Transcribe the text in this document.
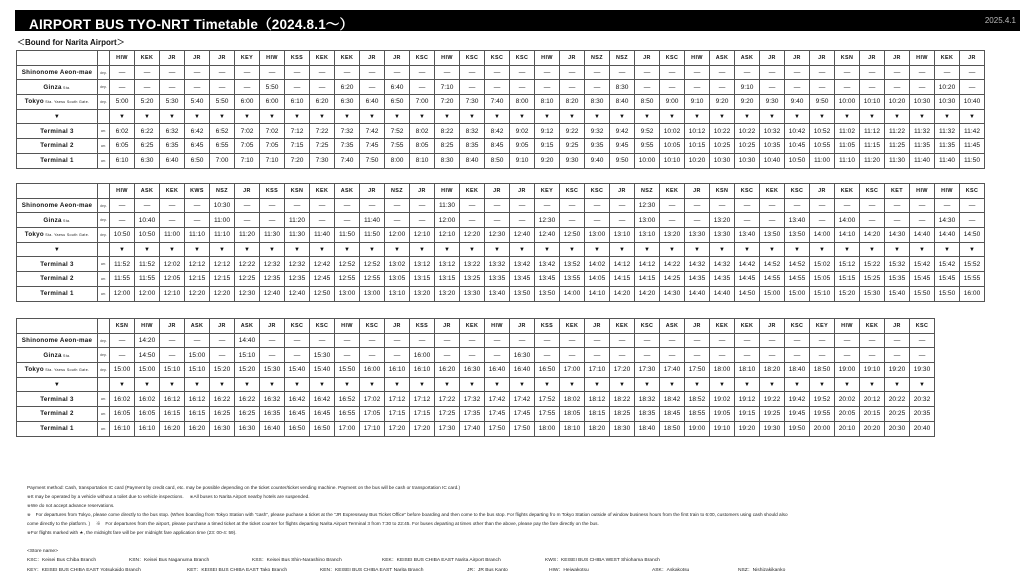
AIRPORT BUS TYO-NRT Timetable（2024.8.1～）	2025.4.1
＜Bound for Narita Airport＞
		HIW	KEK	JR	JR	JR	KEY	HIW	KSS	KEK	KEK	JR	JR	KSC	HIW	KSC	KSC	KSC	HIW	JR	NSZ	NSZ	JR	KSC	HIW	ASK	ASK	JR	JR	JR	KSN	JR	JR	HIW	KEK	JR
Shinonome Aeon-mae	dep.	—	—	—	—	—	—	—	—	—	—	—	—	—	—	—	—	—	—	—	—	—	—	—	—	—	—	—	—	—	—	—	—	—	—	—
Ginza Sta.	dep.	—	—	—	—	—	—	5:50	—	—	6:20	—	6:40	—	7:10	—	—	—	—	—	—	8:30	—	—	—	—	9:10	—	—	—	—	—	—	—	10:20	—
Tokyo Sta. Yaesu South Gate.	dep.	5:00	5:20	5:30	5:40	5:50	6:00	6:00	6:10	6:20	6:30	6:40	6:50	7:00	7:20	7:30	7:40	8:00	8:10	8:20	8:30	8:40	8:50	9:00	9:10	9:20	9:20	9:30	9:40	9:50	10:00	10:10	10:20	10:30	10:30	10:40
▼		▼	▼	▼	▼	▼	▼	▼	▼	▼	▼	▼	▼	▼	▼	▼	▼	▼	▼	▼	▼	▼	▼	▼	▼	▼	▼	▼	▼	▼	▼	▼	▼	▼	▼	▼
Terminal 3	arr.	6:02	6:22	6:32	6:42	6:52	7:02	7:02	7:12	7:22	7:32	7:42	7:52	8:02	8:22	8:32	8:42	9:02	9:12	9:22	9:32	9:42	9:52	10:02	10:12	10:22	10:22	10:32	10:42	10:52	11:02	11:12	11:22	11:32	11:32	11:42
Terminal 2	arr.	6:05	6:25	6:35	6:45	6:55	7:05	7:05	7:15	7:25	7:35	7:45	7:55	8:05	8:25	8:35	8:45	9:05	9:15	9:25	9:35	9:45	9:55	10:05	10:15	10:25	10:25	10:35	10:45	10:55	11:05	11:15	11:25	11:35	11:35	11:45
Terminal 1	arr.	6:10	6:30	6:40	6:50	7:00	7:10	7:10	7:20	7:30	7:40	7:50	8:00	8:10	8:30	8:40	8:50	9:10	9:20	9:30	9:40	9:50	10:00	10:10	10:20	10:30	10:30	10:40	10:50	11:00	11:10	11:20	11:30	11:40	11:40	11:50
		HIW	ASK	KEK	KWS	NSZ	JR	KSS	KSN	KEK	ASK	JR	NSZ	JR	HIW	KEK	JR	JR	KEY	KSC	KSC	JR	NSZ	KEK	JR	KSN	KSC	KEK	KSC	JR	KEK	KSC	KET	HIW	HIW	KSC
Shinonome Aeon-mae	dep.	—	—	—	—	10:30	—	—	—	—	—	—	—	—	11:30	—	—	—	—	—	—	—	12:30	—	—	—	—	—	—	—	—	—	—	—	—	—
Ginza Sta.	dep.	—	10:40	—	—	11:00	—	—	11:20	—	—	11:40	—	—	12:00	—	—	—	12:30	—	—	—	13:00	—	—	13:20	—	—	13:40	—	14:00	—	—	—	14:30	—
Tokyo Sta. Yaesu South Gate.	dep.	10:50	10:50	11:00	11:10	11:10	11:20	11:30	11:30	11:40	11:50	11:50	12:00	12:10	12:10	12:20	12:30	12:40	12:40	12:50	13:00	13:10	13:10	13:20	13:30	13:30	13:40	13:50	13:50	14:00	14:10	14:20	14:30	14:40	14:40	14:50
▼		▼	▼	▼	▼	▼	▼	▼	▼	▼	▼	▼	▼	▼	▼	▼	▼	▼	▼	▼	▼	▼	▼	▼	▼	▼	▼	▼	▼	▼	▼	▼	▼	▼	▼	▼
Terminal 3	arr.	11:52	11:52	12:02	12:12	12:12	12:22	12:32	12:32	12:42	12:52	12:52	13:02	13:12	13:12	13:22	13:32	13:42	13:42	13:52	14:02	14:12	14:12	14:22	14:32	14:32	14:42	14:52	14:52	15:02	15:12	15:22	15:32	15:42	15:42	15:52
Terminal 2	arr.	11:55	11:55	12:05	12:15	12:15	12:25	12:35	12:35	12:45	12:55	12:55	13:05	13:15	13:15	13:25	13:35	13:45	13:45	13:55	14:05	14:15	14:15	14:25	14:35	14:35	14:45	14:55	14:55	15:05	15:15	15:25	15:35	15:45	15:45	15:55
Terminal 1	arr.	12:00	12:00	12:10	12:20	12:20	12:30	12:40	12:40	12:50	13:00	13:00	13:10	13:20	13:20	13:30	13:40	13:50	13:50	14:00	14:10	14:20	14:20	14:30	14:40	14:40	14:50	15:00	15:00	15:10	15:20	15:30	15:40	15:50	15:50	16:00
		KSN	HIW	JR	ASK	JR	ASK	JR	KSC	KSC	HIW	KSC	JR	KSS	JR	KEK	HIW	JR	KSS	KEK	JR	KEK	KSC	ASK	JR	KEK	KEK	JR	KSC	KEY	HIW	KEK	JR	KSC
Shinonome Aeon-mae	dep.	—	14:20	—	—	—	14:40	—	—	—	—	—	—	—	—	—	—	—	—	—	—	—	—	—	—	—	—	—	—	—	—	—	—	—
Ginza Sta.	dep.	—	14:50	—	15:00	—	15:10	—	—	15:30	—	—	—	16:00	—	—	—	16:30	—	—	—	—	—	—	—	—	—	—	—	—	—	—	—	—
Tokyo Sta. Yaesu South Gate.	dep.	15:00	15:00	15:10	15:10	15:20	15:20	15:30	15:40	15:40	15:50	16:00	16:10	16:10	16:20	16:30	16:40	16:40	16:50	17:00	17:10	17:20	17:30	17:40	17:50	18:00	18:10	18:20	18:40	18:50	19:00	19:10	19:20	19:30
▼		▼	▼	▼	▼	▼	▼	▼	▼	▼	▼	▼	▼	▼	▼	▼	▼	▼	▼	▼	▼	▼	▼	▼	▼	▼	▼	▼	▼	▼	▼	▼	▼	▼
Terminal 3	arr.	16:02	16:02	16:12	16:12	16:22	16:22	16:32	16:42	16:42	16:52	17:02	17:12	17:12	17:22	17:32	17:42	17:42	17:52	18:02	18:12	18:22	18:32	18:42	18:52	19:02	19:12	19:22	19:42	19:52	20:02	20:12	20:22	20:32
Terminal 2	arr.	16:05	16:05	16:15	16:15	16:25	16:25	16:35	16:45	16:45	16:55	17:05	17:15	17:15	17:25	17:35	17:45	17:45	17:55	18:05	18:15	18:25	18:35	18:45	18:55	19:05	19:15	19:25	19:45	19:55	20:05	20:15	20:25	20:35
Terminal 1	arr.	16:10	16:10	16:20	16:20	16:30	16:30	16:40	16:50	16:50	17:00	17:10	17:20	17:20	17:30	17:40	17:50	17:50	18:00	18:10	18:20	18:30	18:40	18:50	19:00	19:10	19:20	19:30	19:50	20:00	20:10	20:20	20:30	20:40
Payment method: Cash, transportation IC card (Payment by credit card, etc. may be possible depending on the ticket counter/ticket vending machine. Payment on the bus will be cash or transportation IC card.)
※It may be operated by a vehicle without a toilet due to vehicle inspections.　 ※All buses to Narita Airport nearby hotels are suspended.
※We do not accept advance reservations.
※　For departures from Tokyo, please come directly to the bus stop. (When boarding from Tokyo Station with "cash", please puchase a ticket at the "JR Expressway Bus Ticket Office" before boarding and then come to the bus stop. For flights departing fro m Tokyo Station outside of window business hours from the first train to 6:00, customers using cash should also
come directly to the platform. )　 ※　For departures from the airport, please purchase a timed ticket at the ticket counter for flights departing Narita Airport Terminal 3 from 7:30 to 22:45. For buses departing at times other than the above, please pay the fare directly on the bus.
※For flights marked with ★, the midnight fare will be per midnight fare application time (23: 00-4: 59).
<Store name>
KSC：Keisei Bus Chiba Branch	KSN：Keisei Bus Naganuma Branch	KSS：Keisei Bus Shin-Narashino Branch	KEK：KEISEI BUS CHIBA EAST Narita Airport Branch	KWS：KEISEI BUS CHIBA WEST Shiohama Branch
KEY：KEISEI BUS CHIBA EAST Yotsukaido Branch	KET：KEISEI BUS CHIBA EAST Tako Branch	KEN：KEISEI BUS CHIBA EAST Narita Branch	JR：JR Bus Kanto	HIW：Heiwakotsu	ASK：Askakotsu	NSZ：Nishizakikanko
